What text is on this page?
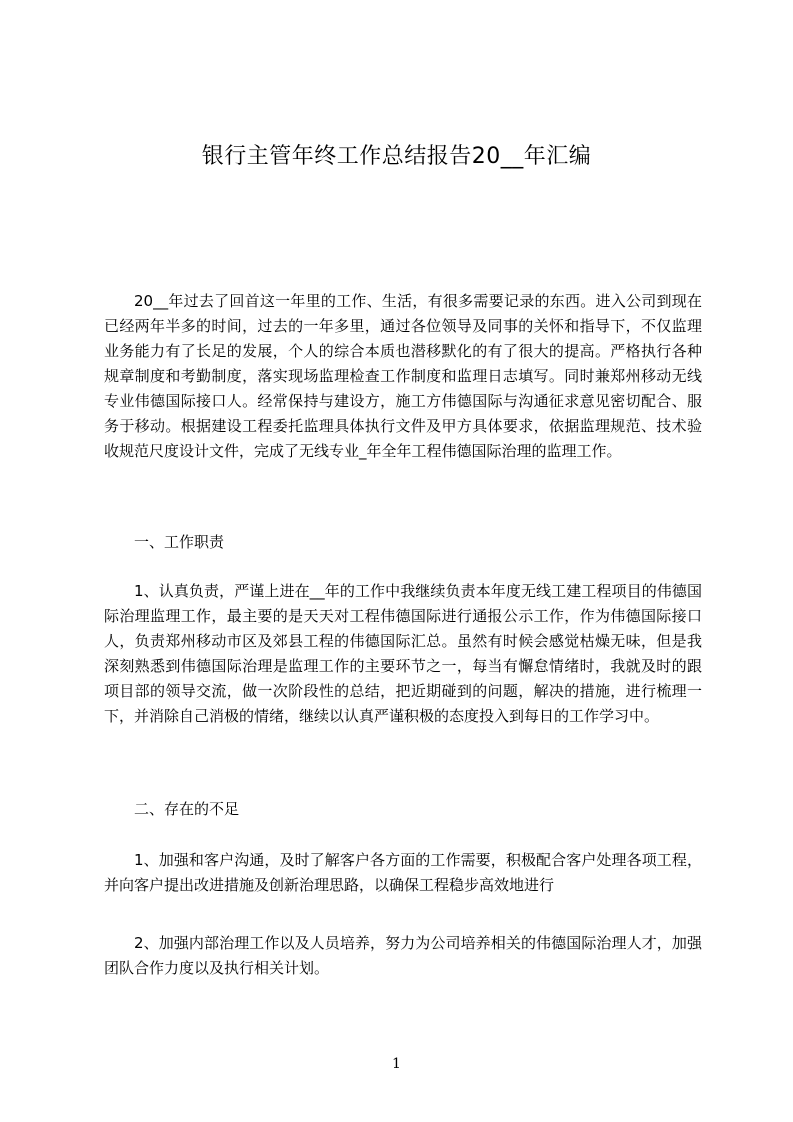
银行主管年终工作总结报告20__年汇编

20__年过去了回首这一年里的工作、生活，有很多需要记录的东西。进入公司到现在已经两年半多的时间，过去的一年多里，通过各位领导及同事的关怀和指导下，不仅监理业务能力有了长足的发展，个人的综合本质也潜移默化的有了很大的提高。严格执行各种规章制度和考勤制度，落实现场监理检查工作制度和监理日志填写。同时兼郑州移动无线专业伟德国际接口人。经常保持与建设方，施工方伟德国际与沟通征求意见密切配合、服务于移动。根据建设工程委托监理具体执行文件及甲方具体要求，依据监理规范、技术验收规范尺度设计文件，完成了无线专业_年全年工程伟德国际治理的监理工作。

一、工作职责

1、认真负责，严谨上进在__年的工作中我继续负责本年度无线工建工程项目的伟德国际治理监理工作，最主要的是天天对工程伟德国际进行通报公示工作，作为伟德国际接口人，负责郑州移动市区及郊县工程的伟德国际汇总。虽然有时候会感觉枯燥无味，但是我深刻熟悉到伟德国际治理是监理工作的主要环节之一，每当有懈怠情绪时，我就及时的跟项目部的领导交流，做一次阶段性的总结，把近期碰到的问题，解决的措施，进行梳理一下，并消除自己消极的情绪，继续以认真严谨积极的态度投入到每日的工作学习中。

二、存在的不足

1、加强和客户沟通，及时了解客户各方面的工作需要，积极配合客户处理各项工程，并向客户提出改进措施及创新治理思路，以确保工程稳步高效地进行

2、加强内部治理工作以及人员培养，努力为公司培养相关的伟德国际治理人才，加强团队合作力度以及执行相关计划。

1
